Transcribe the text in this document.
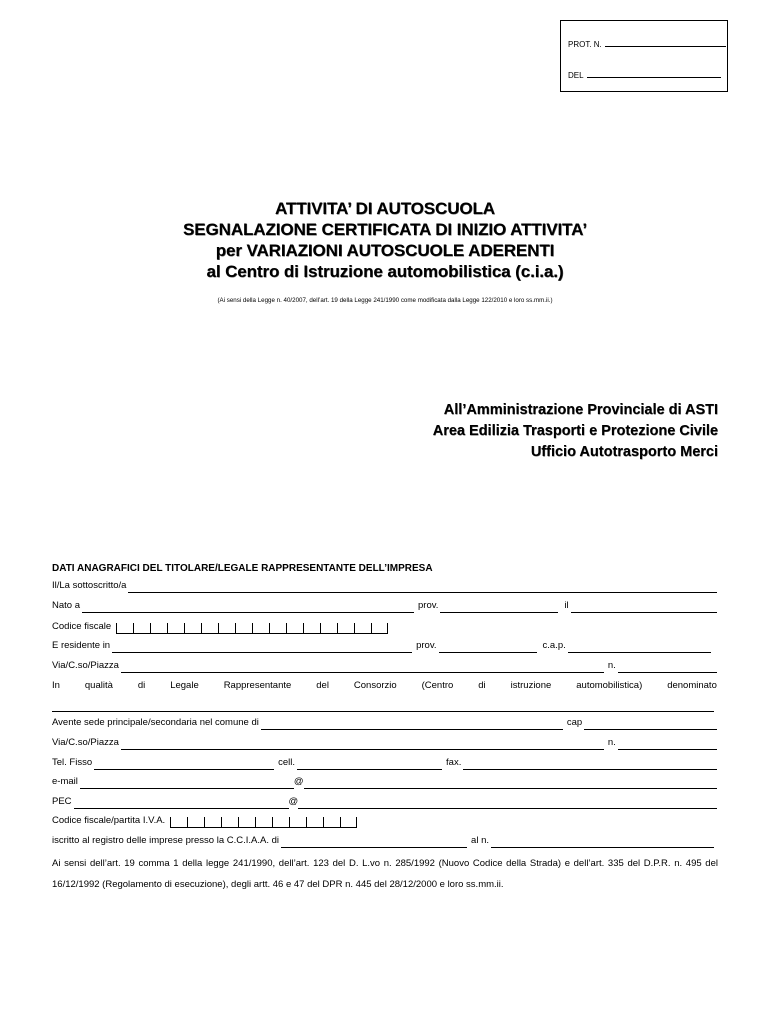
PROT. N.
DEL
ATTIVITA’ DI AUTOSCUOLA
SEGNALAZIONE CERTIFICATA DI INIZIO ATTIVITA’
per VARIAZIONI AUTOSCUOLE ADERENTI
al Centro di Istruzione automobilistica (c.i.a.)
(Ai sensi della Legge n. 40/2007, dell’art. 19 della Legge 241/1990 come modificata dalla Legge 122/2010 e loro ss.mm.ii.)
All’Amministrazione Provinciale di ASTI
Area Edilizia Trasporti e Protezione Civile
Ufficio Autotrasporto Merci
DATI ANAGRAFICI DEL TITOLARE/LEGALE RAPPRESENTANTE DELL’IMPRESA
Il/La sottoscritto/a
Nato a	prov.	il
Codice fiscale
E residente in	prov.	c.a.p.
Via/C.so/Piazza	n.
In	qualità	di	Legale	Rappresentante	del	Consorzio	(Centro	di	istruzione	automobilistica)	denominato
Avente sede principale/secondaria nel comune di	cap
Via/C.so/Piazza	n.
Tel. Fisso	cell.	fax.
e-mail	@
PEC	@
Codice fiscale/partita I.V.A.
iscritto al registro delle imprese presso la C.C.I.A.A. di	al n.
Ai sensi dell’art. 19 comma 1 della legge 241/1990, dell’art. 123 del D. L.vo n. 285/1992 (Nuovo Codice della Strada) e dell’art. 335 del D.P.R. n. 495 del 16/12/1992 (Regolamento di esecuzione), degli artt. 46 e 47 del DPR n. 445 del 28/12/2000 e loro ss.mm.ii.
